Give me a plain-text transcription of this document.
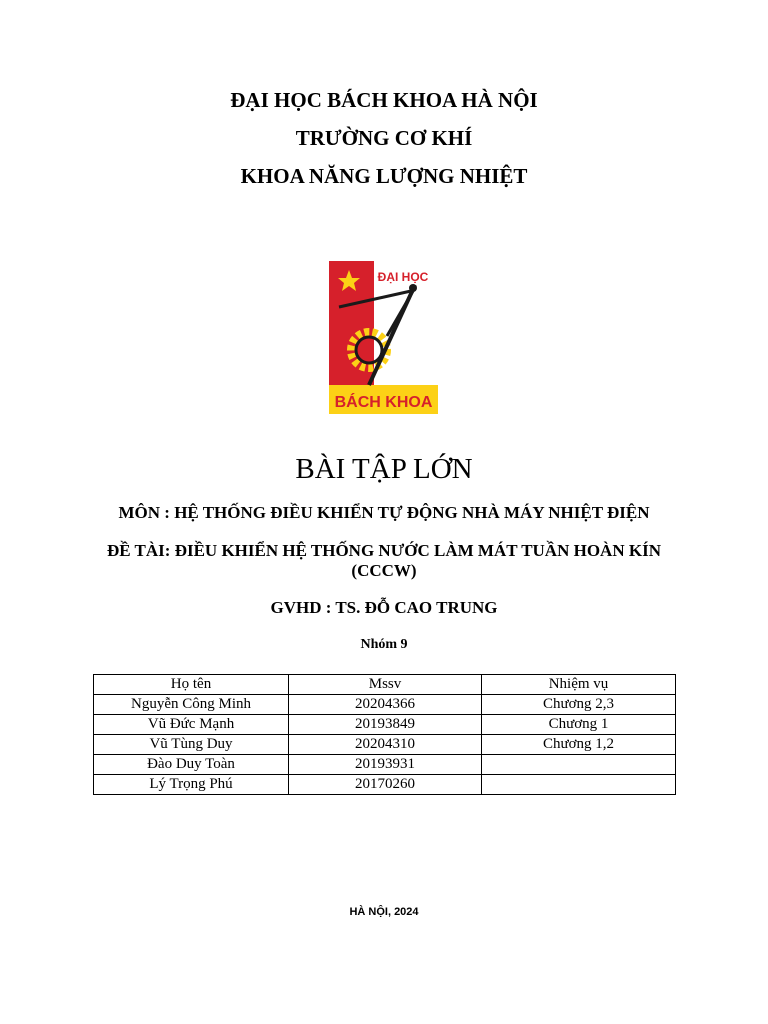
ĐẠI HỌC BÁCH KHOA HÀ NỘI
TRƯỜNG CƠ KHÍ
KHOA NĂNG LƯỢNG NHIỆT
ĐẠI HỌC
BÁCH KHOA
BÀI TẬP LỚN
MÔN : HỆ THỐNG ĐIỀU KHIỂN TỰ ĐỘNG NHÀ MÁY NHIỆT ĐIỆN
ĐỀ TÀI: ĐIỀU KHIỂN HỆ THỐNG NƯỚC LÀM MÁT TUẦN HOÀN KÍN (CCCW)
GVHD : TS. ĐỖ CAO TRUNG
Nhóm 9
Họ tên	Mssv	Nhiệm vụ
Nguyễn Công Minh	20204366	Chương 2,3
Vũ Đức Mạnh	20193849	Chương 1
Vũ Tùng Duy	20204310	Chương 1,2
Đào Duy Toàn	20193931	
Lý Trọng Phú	20170260	
HÀ NỘI, 2024
